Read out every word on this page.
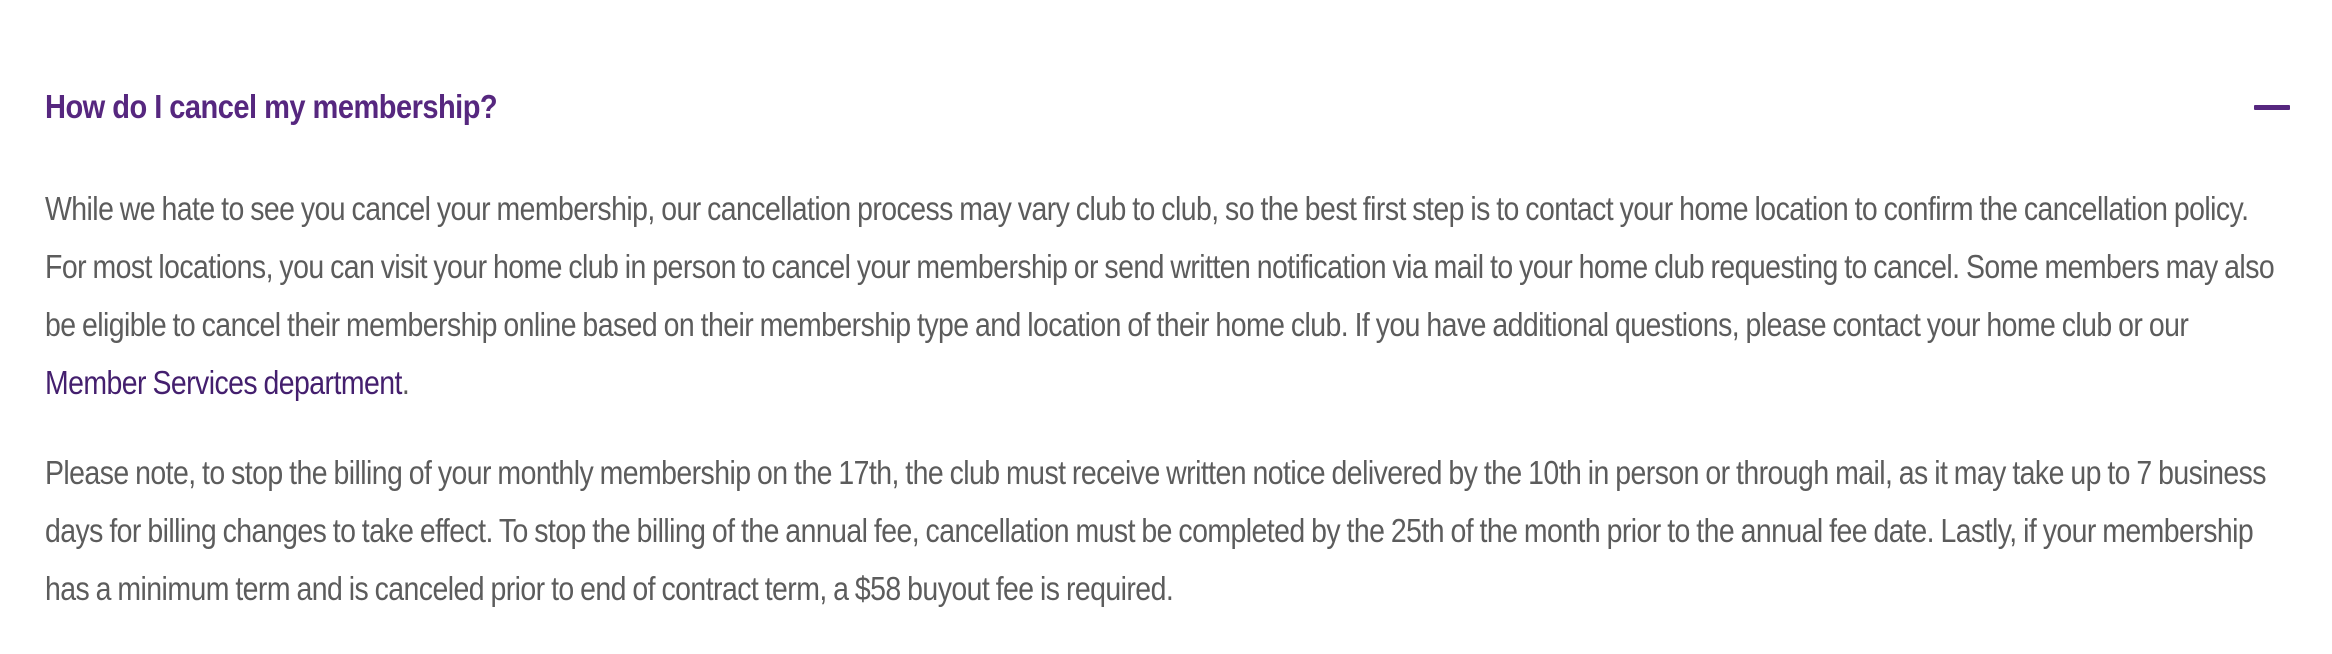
How do I cancel my membership?

While we hate to see you cancel your membership, our cancellation process may vary club to club, so the best first step is to contact your home location to confirm the cancellation policy. For most locations, you can visit your home club in person to cancel your membership or send written notification via mail to your home club requesting to cancel. Some members may also be eligible to cancel their membership online based on their membership type and location of their home club. If you have additional questions, please contact your home club or our Member Services department.

Please note, to stop the billing of your monthly membership on the 17th, the club must receive written notice delivered by the 10th in person or through mail, as it may take up to 7 business days for billing changes to take effect. To stop the billing of the annual fee, cancellation must be completed by the 25th of the month prior to the annual fee date. Lastly, if your membership has a minimum term and is canceled prior to end of contract term, a $58 buyout fee is required.
